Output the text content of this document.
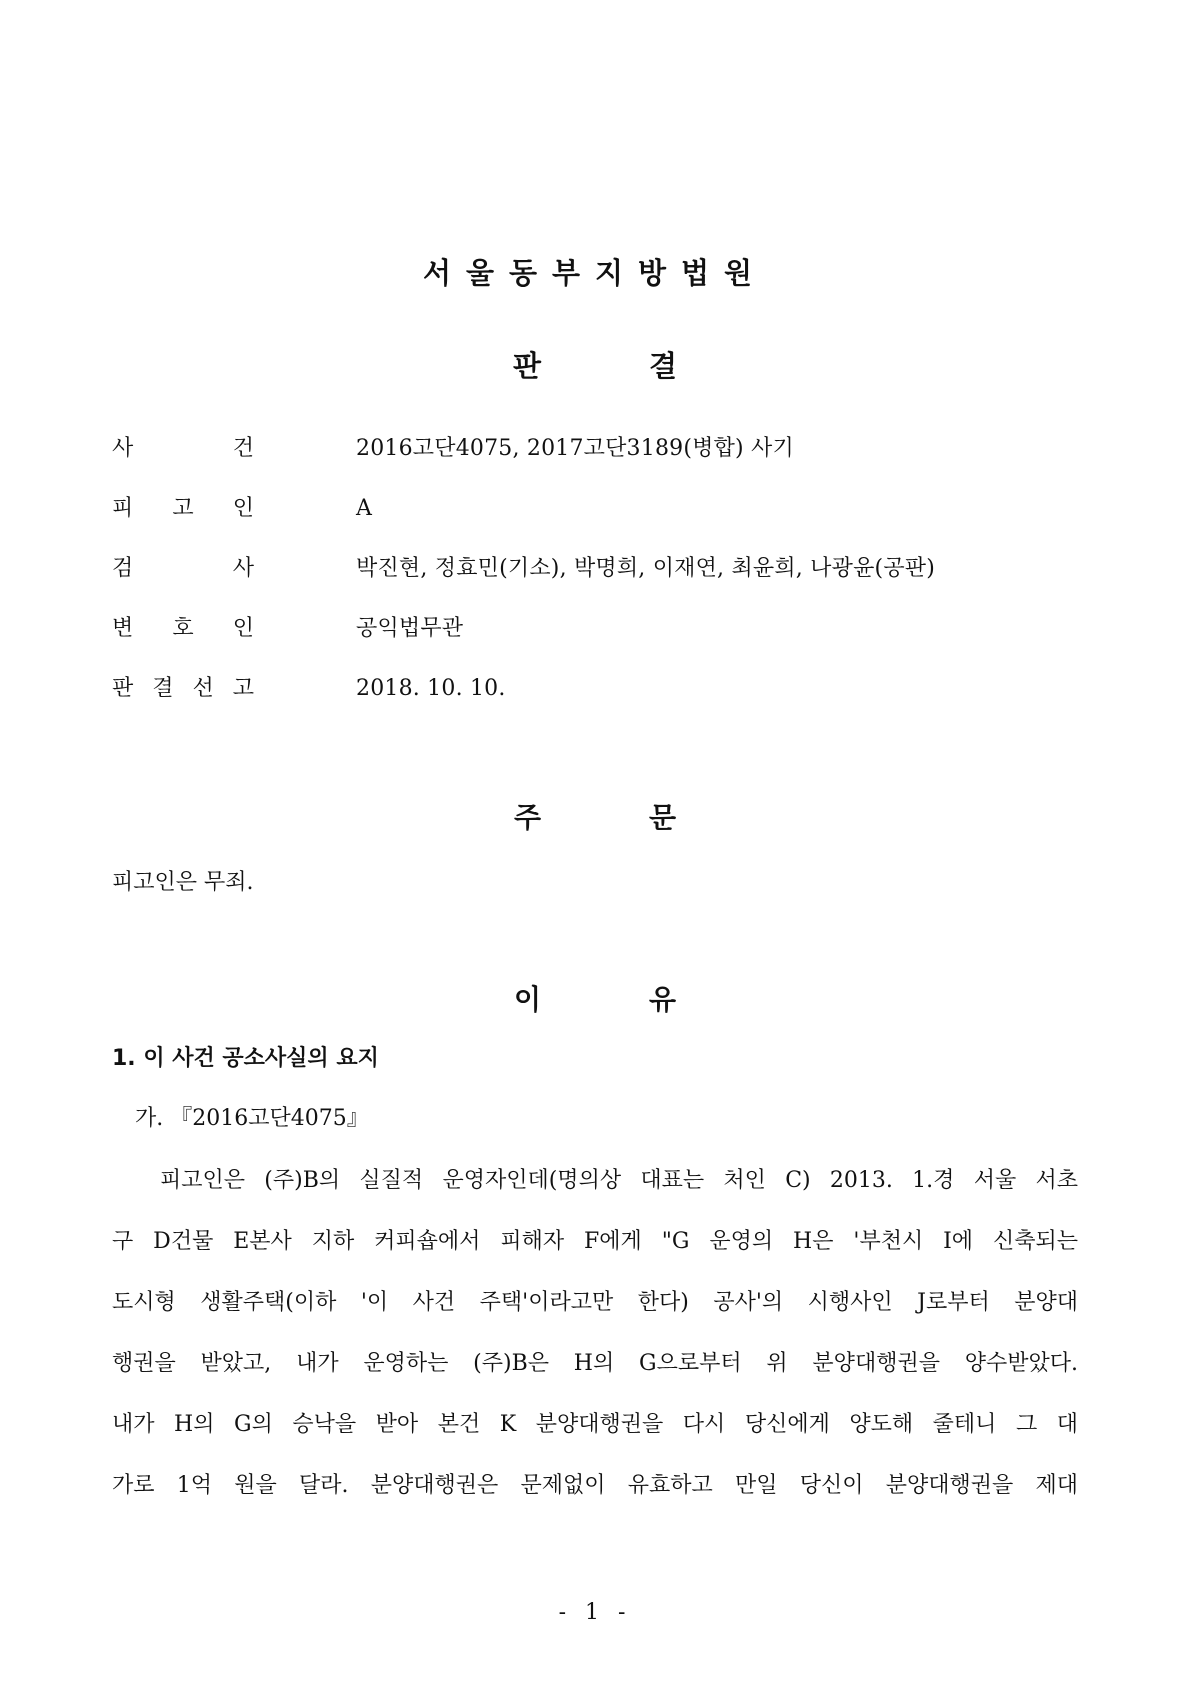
서울동부지방법원
판	결
사	건	2016고단4075, 2017고단3189(병합) 사기
피 고 인	A
검	사	박진현, 정효민(기소), 박명희, 이재연, 최윤희, 나광윤(공판)
변 호 인	공익법무관
판 결 선 고	2018. 10. 10.
주	문
피고인은 무죄.
이	유
1. 이 사건 공소사실의 요지
가. 『2016고단4075』
피고인은 (주)B의 실질적 운영자인데(명의상 대표는 처인 C) 2013. 1.경 서울 서초
구 D건물 E본사 지하 커피숍에서 피해자 F에게 "G 운영의 H은 '부천시 I에 신축되는
도시형 생활주택(이하 '이 사건 주택'이라고만 한다) 공사'의 시행사인 J로부터 분양대
행권을 받았고, 내가 운영하는 (주)B은 H의 G으로부터 위 분양대행권을 양수받았다.
내가 H의 G의 승낙을 받아 본건 K 분양대행권을 다시 당신에게 양도해 줄테니 그 대
가로 1억 원을 달라. 분양대행권은 문제없이 유효하고 만일 당신이 분양대행권을 제대
- 1 -
